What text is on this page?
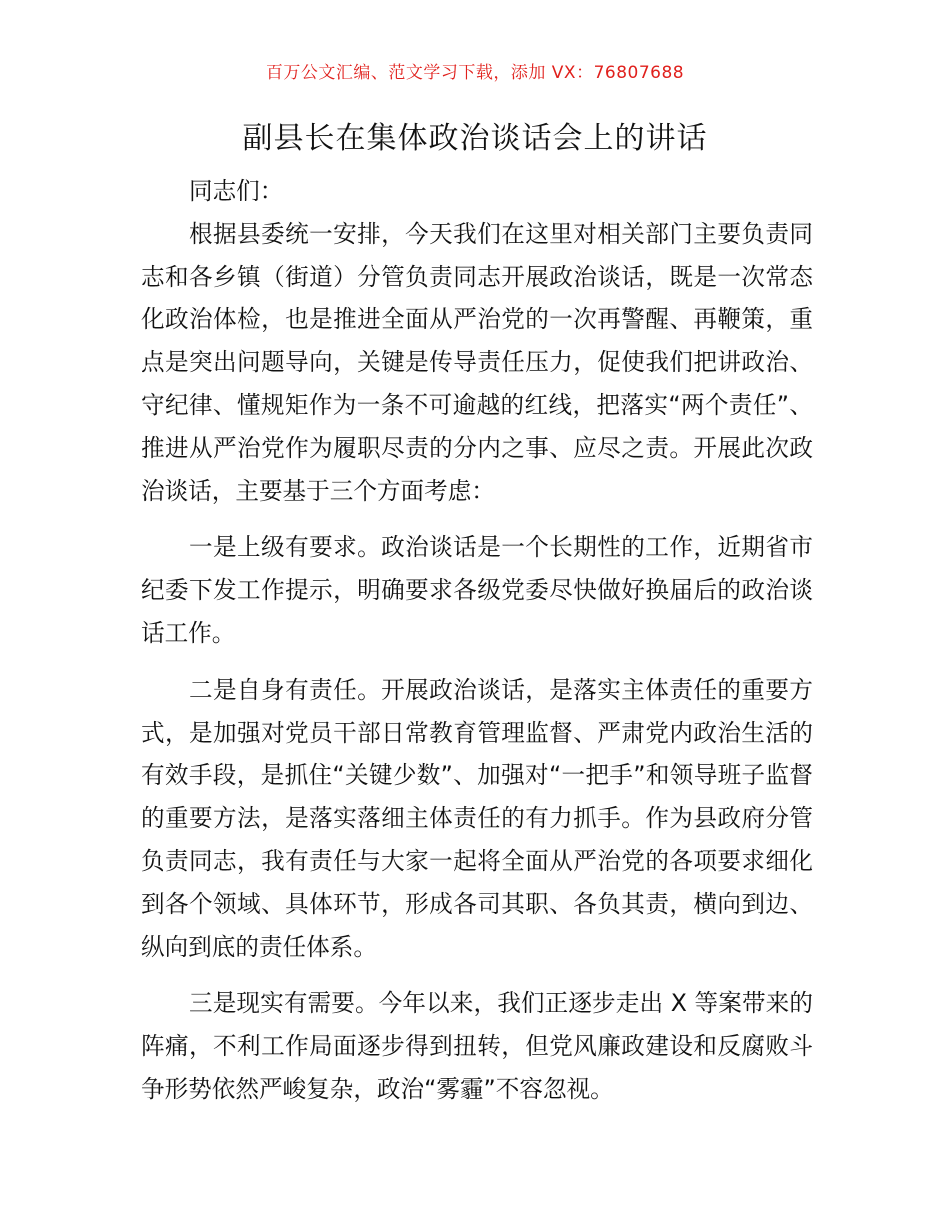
百万公文汇编、范文学习下载，添加 VX：76807688
副县长在集体政治谈话会上的讲话

同志们：

根据县委统一安排，今天我们在这里对相关部门主要负责同志和各乡镇（街道）分管负责同志开展政治谈话，既是一次常态化政治体检，也是推进全面从严治党的一次再警醒、再鞭策，重点是突出问题导向，关键是传导责任压力，促使我们把讲政治、守纪律、懂规矩作为一条不可逾越的红线，把落实“两个责任”、推进从严治党作为履职尽责的分内之事、应尽之责。开展此次政治谈话，主要基于三个方面考虑：

一是上级有要求。政治谈话是一个长期性的工作，近期省市纪委下发工作提示，明确要求各级党委尽快做好换届后的政治谈话工作。

二是自身有责任。开展政治谈话，是落实主体责任的重要方式，是加强对党员干部日常教育管理监督、严肃党内政治生活的有效手段，是抓住“关键少数”、加强对“一把手”和领导班子监督的重要方法，是落实落细主体责任的有力抓手。作为县政府分管负责同志，我有责任与大家一起将全面从严治党的各项要求细化到各个领域、具体环节，形成各司其职、各负其责，横向到边、纵向到底的责任体系。

三是现实有需要。今年以来，我们正逐步走出 X 等案带来的阵痛，不利工作局面逐步得到扭转，但党风廉政建设和反腐败斗争形势依然严峻复杂，政治“雾霾”不容忽视。
